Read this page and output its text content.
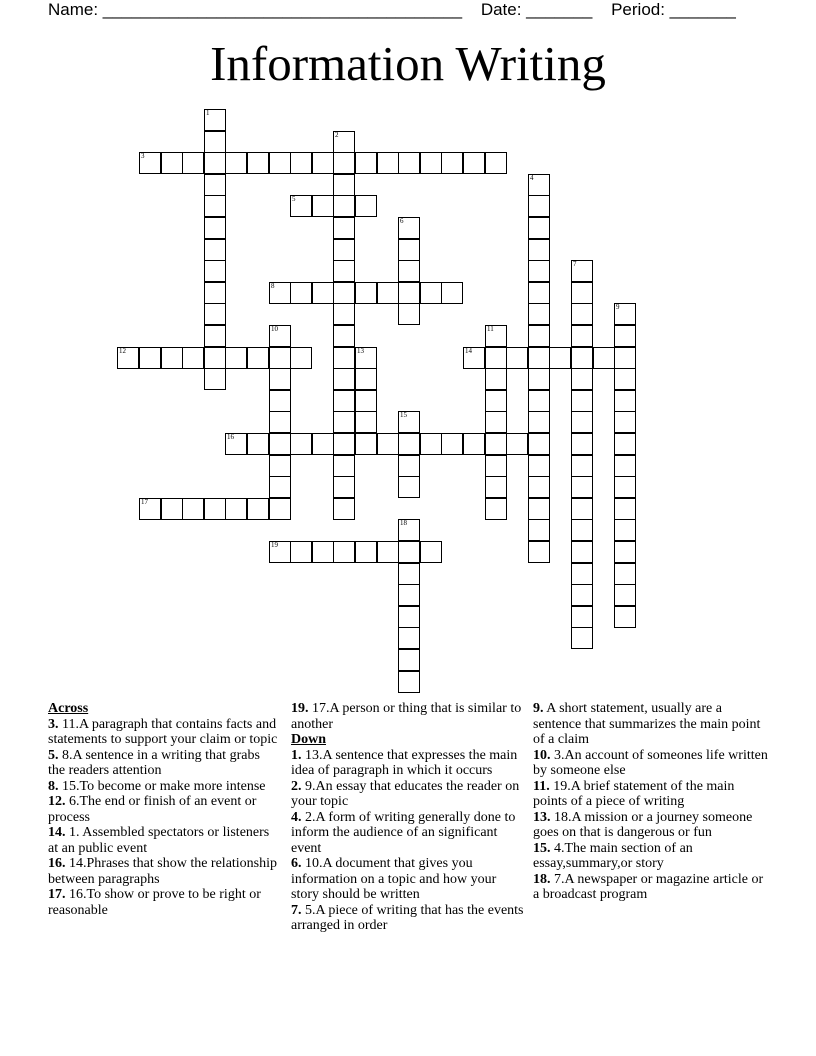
Name: ______________________________________ Date: _______ Period: _______
Information Writing
1
2
3
4
5
6
7
8
9
10	11
12	13	14
15
16
17
18
19
Across

3. 11.A paragraph that contains facts and statements to support your claim or topic

5. 8.A sentence in a writing that grabs the readers attention

8. 15.To become or make more intense

12. 6.The end or finish of an event or process

14. 1. Assembled spectators or listeners at an public event

16. 14.Phrases that show the relationship between paragraphs

17. 16.To show or prove to be right or reasonable

19. 17.A person or thing that is similar to another

Down

1. 13.A sentence that expresses the main idea of paragraph in which it occurs

2. 9.An essay that educates the reader on your topic

4. 2.A form of writing generally done to inform the audience of an significant event

6. 10.A document that gives you information on a topic and how your story should be written

7. 5.A piece of writing that has the events arranged in order

9. A short statement, usually are a sentence that summarizes the main point of a claim

10. 3.An account of someones life written by someone else

11. 19.A brief statement of the main points of a piece of writing

13. 18.A mission or a journey someone goes on that is dangerous or fun

15. 4.The main section of an essay,summary,or story

18. 7.A newspaper or magazine article or a broadcast program
